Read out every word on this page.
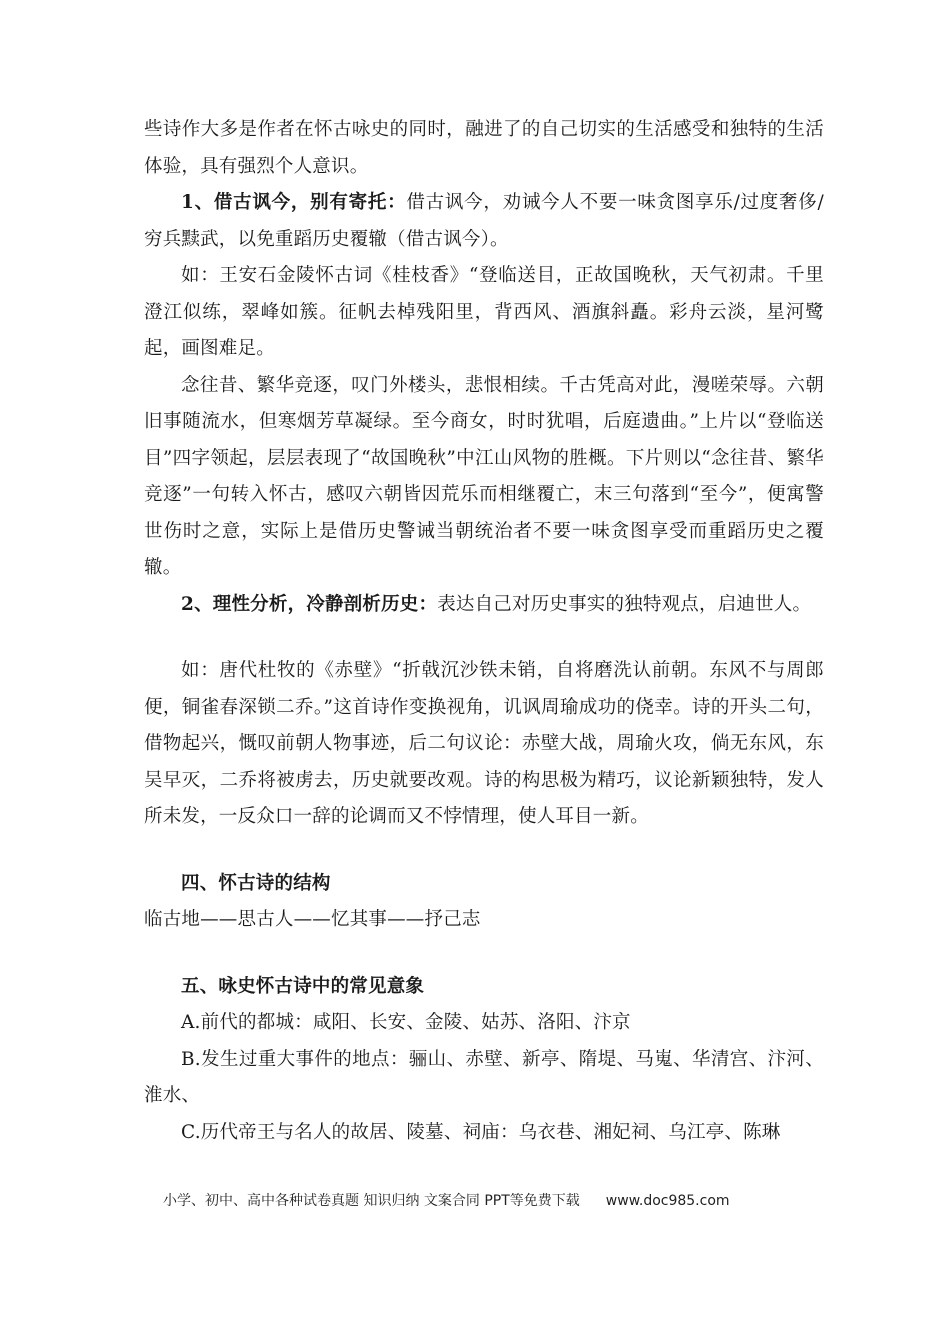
些诗作大多是作者在怀古咏史的同时，融进了的自己切实的生活感受和独特的生活体验，具有强烈个人意识。

1、借古讽今，别有寄托：借古讽今，劝诫今人不要一味贪图享乐/过度奢侈/穷兵黩武，以免重蹈历史覆辙（借古讽今）。

如：王安石金陵怀古词《桂枝香》“登临送目，正故国晚秋，天气初肃。千里澄江似练，翠峰如簇。征帆去棹残阳里，背西风、酒旗斜矗。彩舟云淡，星河鹭起，画图难足。

念往昔、繁华竞逐，叹门外楼头，悲恨相续。千古凭高对此，漫嗟荣辱。六朝旧事随流水，但寒烟芳草凝绿。至今商女，时时犹唱，后庭遗曲。”上片以“登临送目”四字领起，层层表现了“故国晚秋”中江山风物的胜概。下片则以“念往昔、繁华竞逐”一句转入怀古，感叹六朝皆因荒乐而相继覆亡，末三句落到“至今”，便寓警世伤时之意，实际上是借历史警诫当朝统治者不要一味贪图享受而重蹈历史之覆辙。

2、理性分析，冷静剖析历史：表达自己对历史事实的独特观点，启迪世人。

如：唐代杜牧的《赤壁》“折戟沉沙铁未销，自将磨洗认前朝。东风不与周郎便，铜雀春深锁二乔。”这首诗作变换视角，讥讽周瑜成功的侥幸。诗的开头二句，借物起兴，慨叹前朝人物事迹，后二句议论：赤壁大战，周瑜火攻，倘无东风，东吴早灭，二乔将被虏去，历史就要改观。诗的构思极为精巧，议论新颖独特，发人所未发，一反众口一辞的论调而又不悖情理，使人耳目一新。

四、怀古诗的结构

临古地——思古人——忆其事——抒己志

五、咏史怀古诗中的常见意象

A.前代的都城：咸阳、长安、金陵、姑苏、洛阳、汴京

B.发生过重大事件的地点：骊山、赤壁、新亭、隋堤、马嵬、华清宫、汴河、淮水、

C.历代帝王与名人的故居、陵墓、祠庙：乌衣巷、湘妃祠、乌江亭、陈琳

小学、初中、高中各种试卷真题 知识归纳 文案合同 PPT等免费下载 www.doc985.com
